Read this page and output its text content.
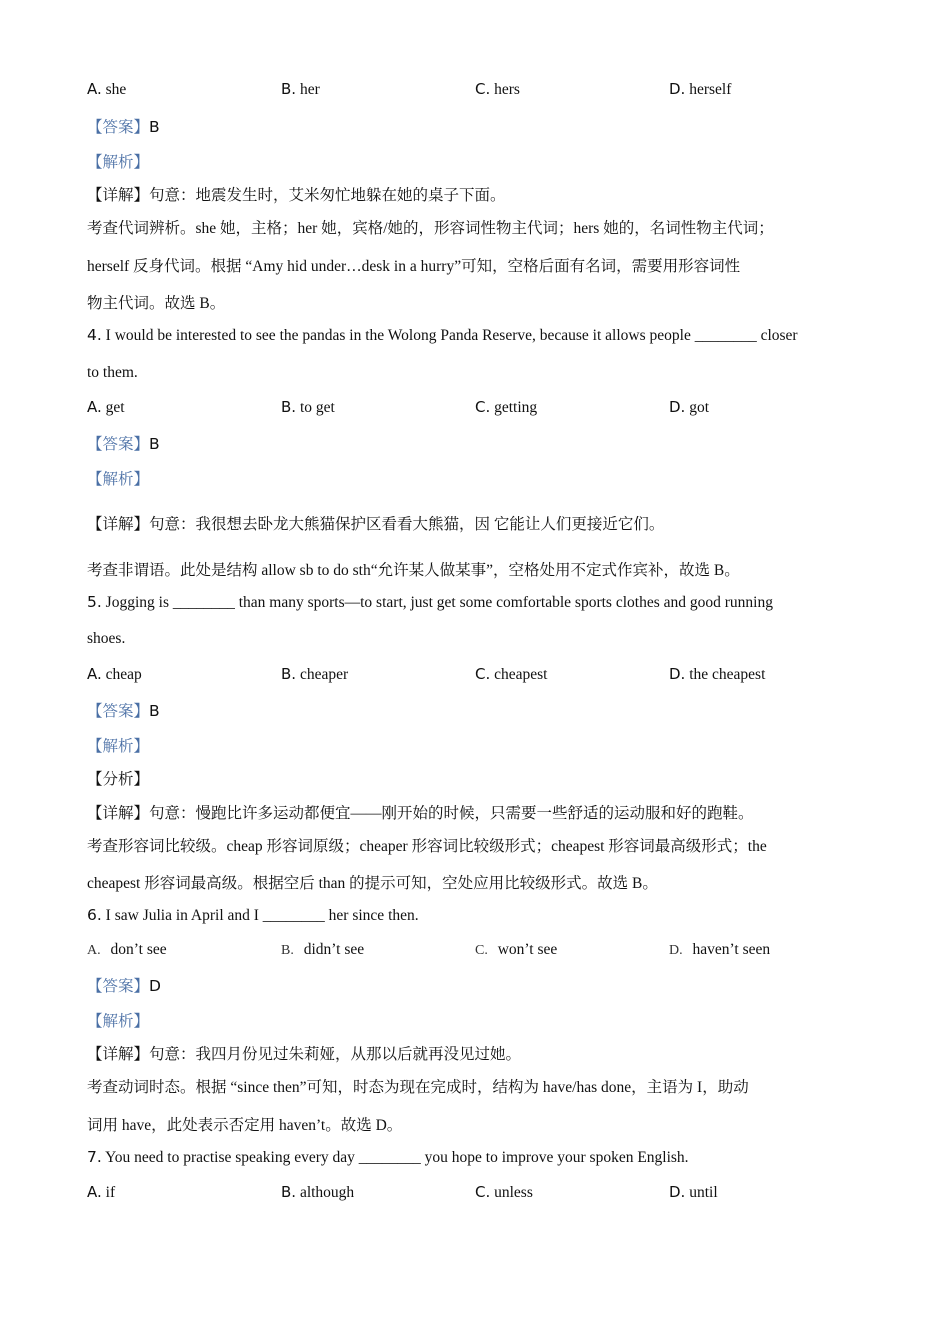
A. she	B. her	C. hers	D. herself
【答案】B
【解析】
【详解】句意：地震发生时，艾米匆忙地躲在她的桌子下面。
考查代词辨析。she 她，主格；her 她，宾格/她的，形容词性物主代词；hers 她的，名词性物主代词；
herself 反身代词。根据 “Amy hid under…desk in a hurry”可知，空格后面有名词，需要用形容词性
物主代词。故选 B。
4. I would be interested to see the pandas in the Wolong Panda Reserve, because it allows people ________ closer
to them.
A. get	B. to get	C. getting	D. got
【答案】B
【解析】
【详解】句意：我很想去卧龙大熊猫保护区看看大熊猫，因 它能让人们更接近它们。
考查非谓语。此处是结构 allow sb to do sth“允许某人做某事”，空格处用不定式作宾补，故选 B。
5. Jogging is ________ than many sports—to start, just get some comfortable sports clothes and good running
shoes.
A. cheap	B. cheaper	C. cheapest	D. the cheapest
【答案】B
【解析】
【分析】
【详解】句意：慢跑比许多运动都便宜——刚开始的时候，只需要一些舒适的运动服和好的跑鞋。
考查形容词比较级。cheap 形容词原级；cheaper 形容词比较级形式；cheapest 形容词最高级形式；the
cheapest 形容词最高级。根据空后 than 的提示可知，空处应用比较级形式。故选 B。
6. I saw Julia in April and I ________ her since then.
A. don’t see	B. didn’t see	C. won’t see	D. haven’t seen
【答案】D
【解析】
【详解】句意：我四月份见过朱莉娅，从那以后就再没见过她。
考查动词时态。根据 “since then”可知，时态为现在完成时，结构为 have/has done，主语为 I，助动
词用 have，此处表示否定用 haven’t。故选 D。
7. You need to practise speaking every day ________ you hope to improve your spoken English.
A. if	B. although	C. unless	D. until
